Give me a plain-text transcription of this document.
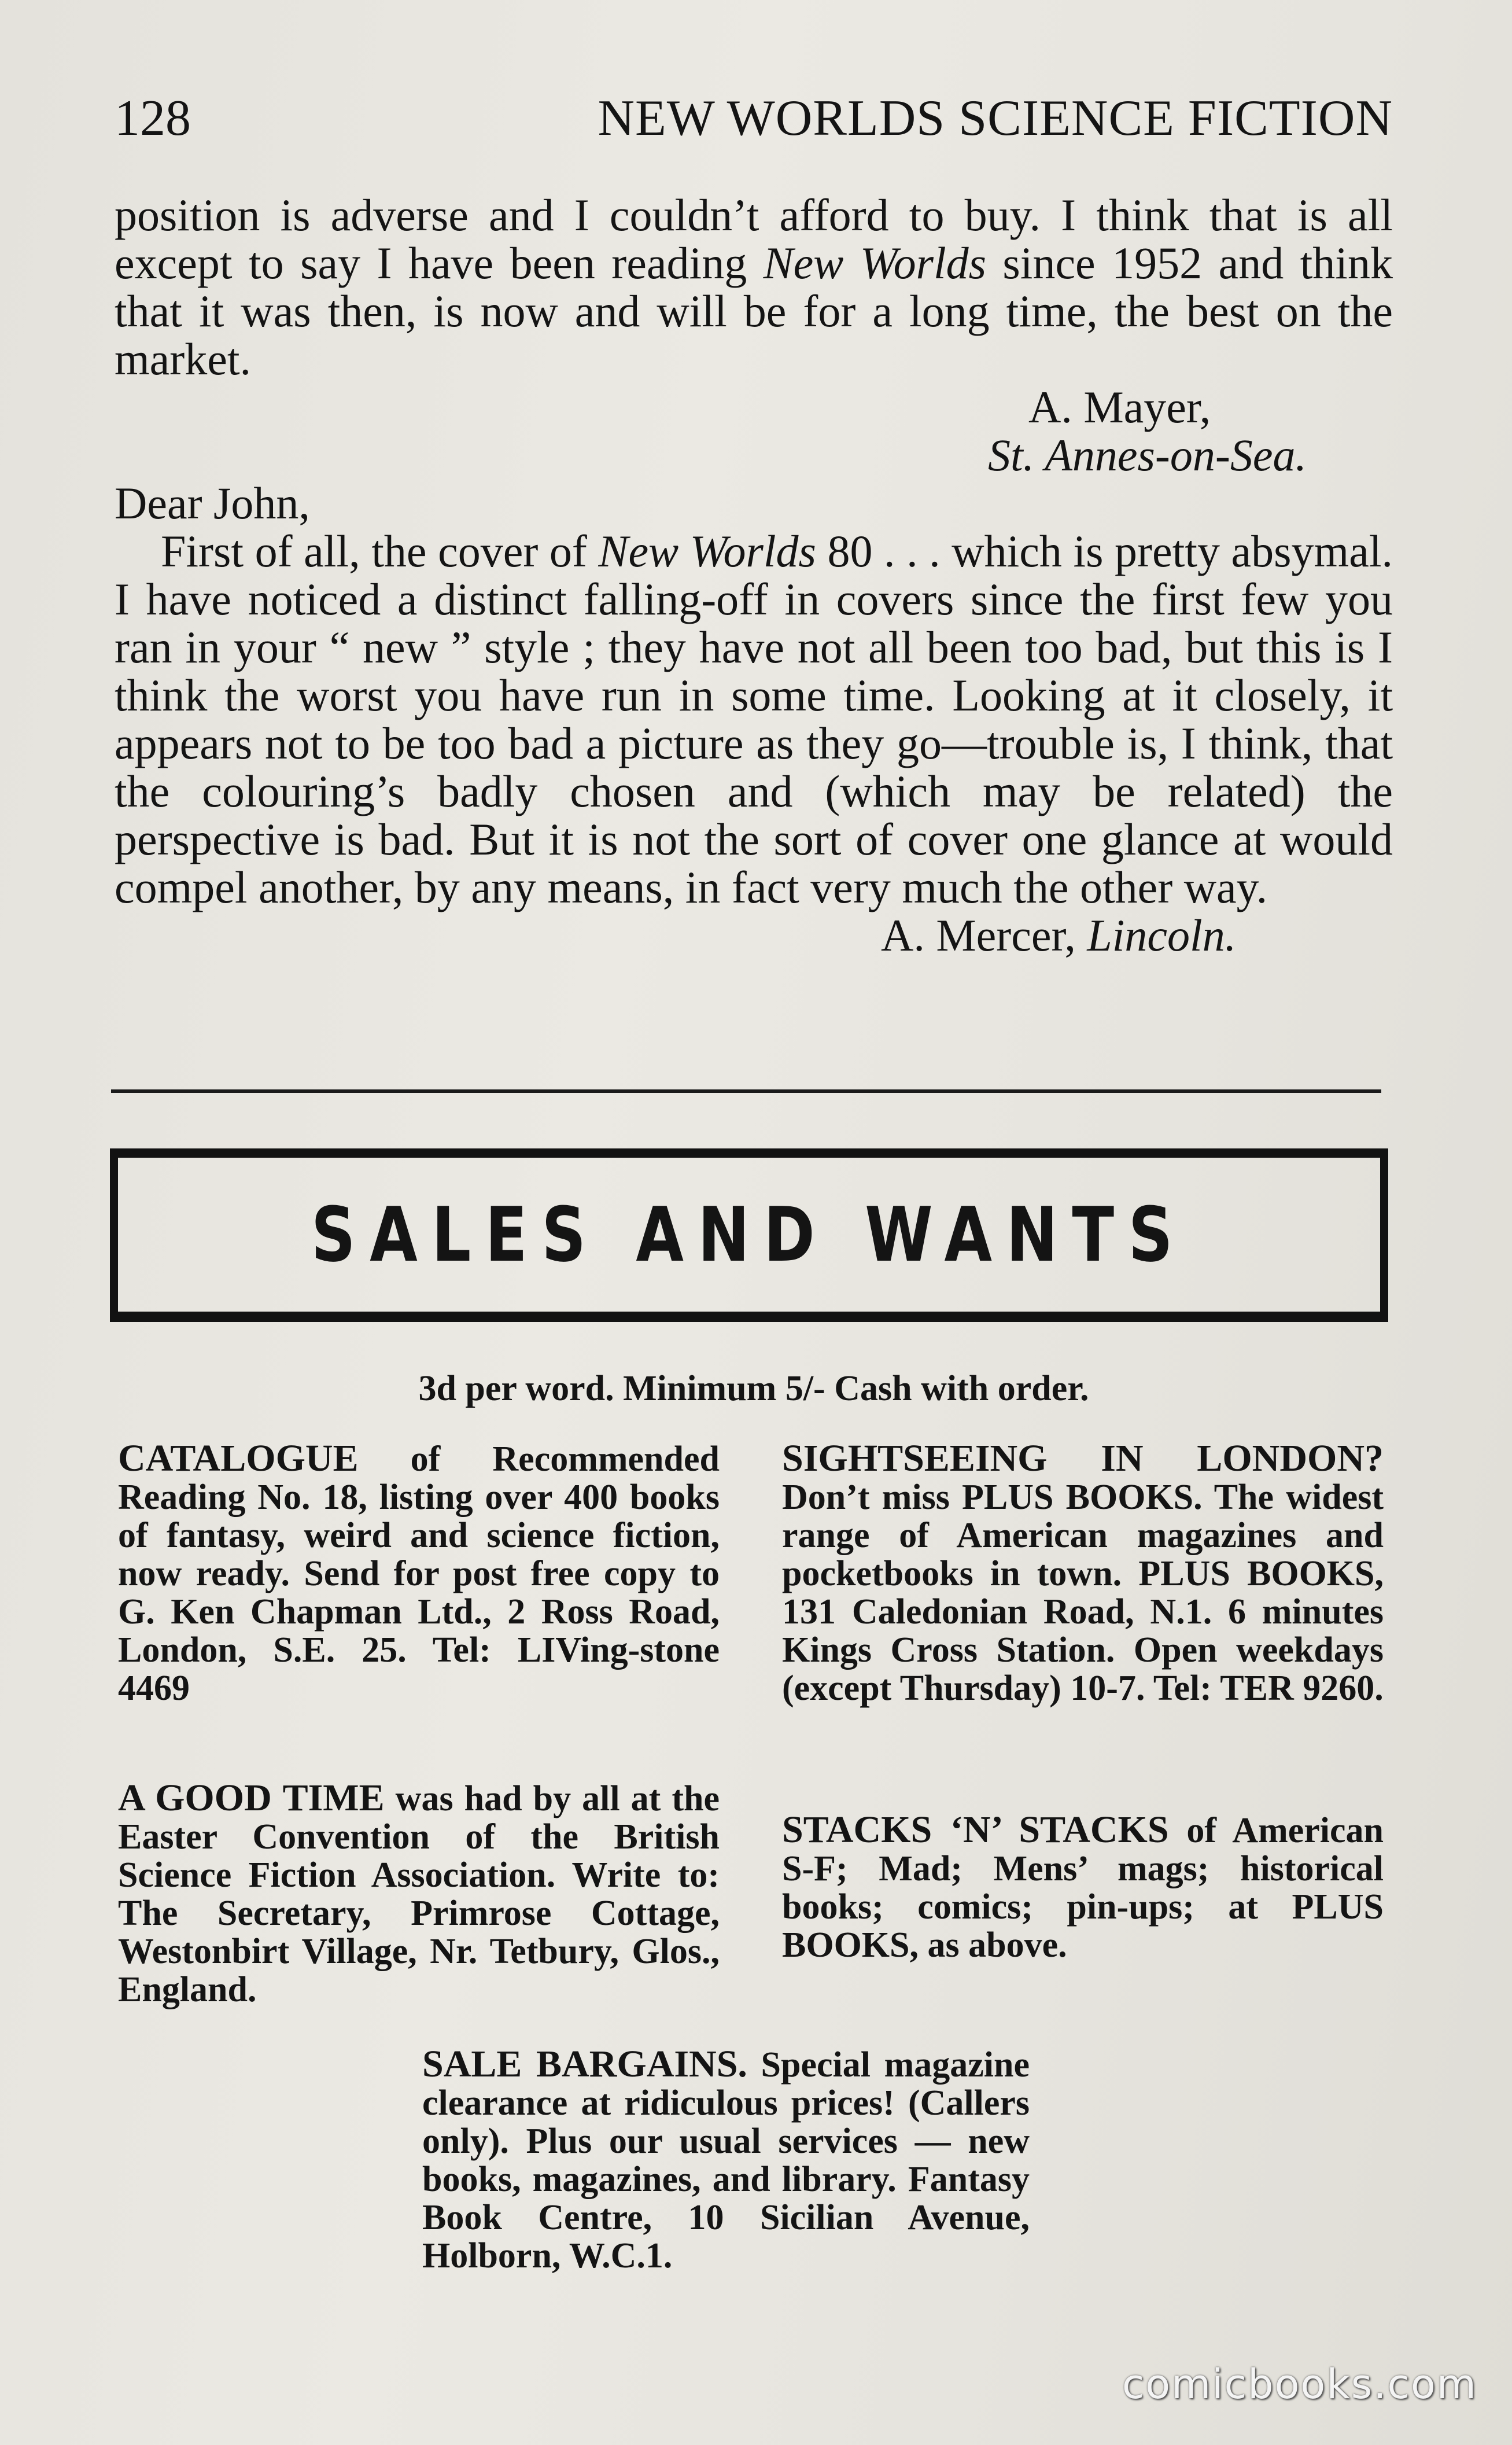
128	NEW WORLDS SCIENCE FICTION

position is adverse and I couldn’t afford to buy. I think that is all except to say I have been reading New Worlds since 1952 and think that it was then, is now and will be for a long time, the best on the market.

A. Mayer,
St. Annes-on-Sea.

Dear John,

First of all, the cover of New Worlds 80 . . . which is pretty absymal. I have noticed a distinct falling-off in covers since the first few you ran in your “ new ” style ; they have not all been too bad, but this is I think the worst you have run in some time. Looking at it closely, it appears not to be too bad a picture as they go—trouble is, I think, that the colouring’s badly chosen and (which may be related) the perspective is bad. But it is not the sort of cover one glance at would compel another, by any means, in fact very much the other way.

A. Mercer, Lincoln.
SALES AND WANTS
3d per word. Minimum 5/- Cash with order.
CATALOGUE of Recommended Reading No. 18, listing over 400 books of fantasy, weird and science fiction, now ready. Send for post free copy to G. Ken Chapman Ltd., 2 Ross Road, London, S.E. 25. Tel: LIVing-stone 4469
A GOOD TIME was had by all at the Easter Convention of the British Science Fiction Association. Write to: The Secretary, Primrose Cottage, Westonbirt Village, Nr. Tetbury, Glos., England.
SIGHTSEEING IN LONDON? Don’t miss PLUS BOOKS. The widest range of American magazines and pocketbooks in town. PLUS BOOKS, 131 Caledonian Road, N.1. 6 minutes Kings Cross Station. Open weekdays (except Thursday) 10-7. Tel: TER 9260.
STACKS ‘N’ STACKS of American S-F; Mad; Mens’ mags; historical books; comics; pin-ups; at PLUS BOOKS, as above.
SALE BARGAINS. Special magazine clearance at ridiculous prices! (Callers only). Plus our usual services — new books, magazines, and library. Fantasy Book Centre, 10 Sicilian Avenue, Holborn, W.C.1.
comicbooks.com
